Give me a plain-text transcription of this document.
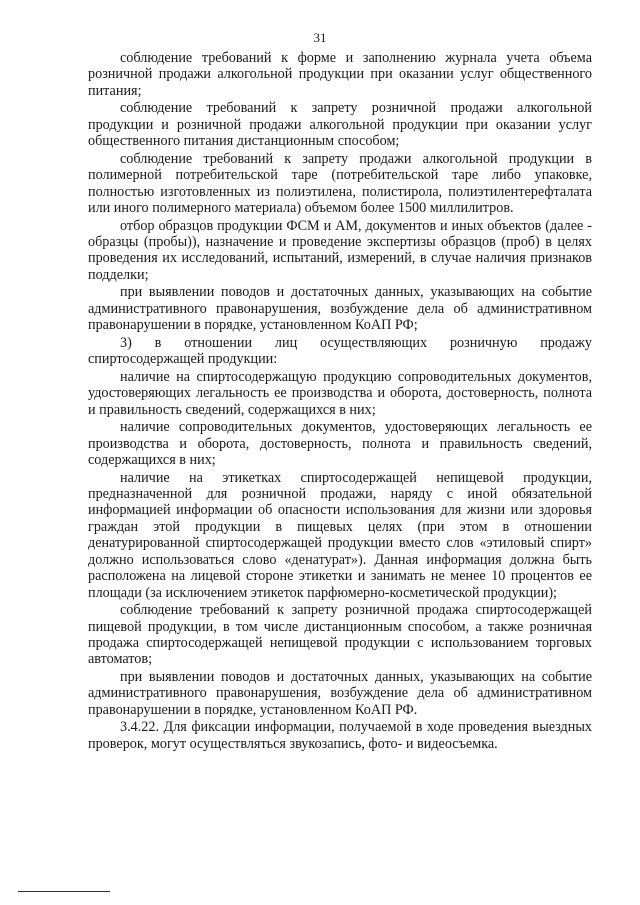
31

соблюдение требований к форме и заполнению журнала учета объема розничной продажи алкогольной продукции при оказании услуг общественного питания;

соблюдение требований к запрету розничной продажи алкогольной продукции и розничной продажи алкогольной продукции при оказании услуг общественного питания дистанционным способом;

соблюдение требований к запрету продажи алкогольной продукции в полимерной потребительской таре (потребительской таре либо упаковке, полностью изготовленных из полиэтилена, полистирола, полиэтилентерефталата или иного полимерного материала) объемом более 1500 миллилитров.

отбор образцов продукции ФСМ и АМ, документов и иных объектов (далее - образцы (пробы)), назначение и проведение экспертизы образцов (проб) в целях проведения их исследований, испытаний, измерений, в случае наличия признаков подделки;

при выявлении поводов и достаточных данных, указывающих на событие административного правонарушения, возбуждение дела об административном правонарушении в порядке, установленном КоАП РФ;

3) в отношении лиц осуществляющих розничную продажу спиртосодержащей продукции:

наличие на спиртосодержащую продукцию сопроводительных документов, удостоверяющих легальность ее производства и оборота, достоверность, полнота и правильность сведений, содержащихся в них;

наличие сопроводительных документов, удостоверяющих легальность ее производства и оборота, достоверность, полнота и правильность сведений, содержащихся в них;

наличие на этикетках спиртосодержащей непищевой продукции, предназначенной для розничной продажи, наряду с иной обязательной информацией информации об опасности использования для жизни или здоровья граждан этой продукции в пищевых целях (при этом в отношении денатурированной спиртосодержащей продукции вместо слов «этиловый спирт» должно использоваться слово «денатурат»). Данная информация должна быть расположена на лицевой стороне этикетки и занимать не менее 10 процентов ее площади (за исключением этикеток парфюмерно-косметической продукции);

соблюдение требований к запрету розничной продажа спиртосодержащей пищевой продукции, в том числе дистанционным способом, а также розничная продажа спиртосодержащей непищевой продукции с использованием торговых автоматов;

при выявлении поводов и достаточных данных, указывающих на событие административного правонарушения, возбуждение дела об административном правонарушении в порядке, установленном КоАП РФ.

3.4.22. Для фиксации информации, получаемой в ходе проведения выездных проверок, могут осуществляться звукозапись, фото- и видеосъемка.
